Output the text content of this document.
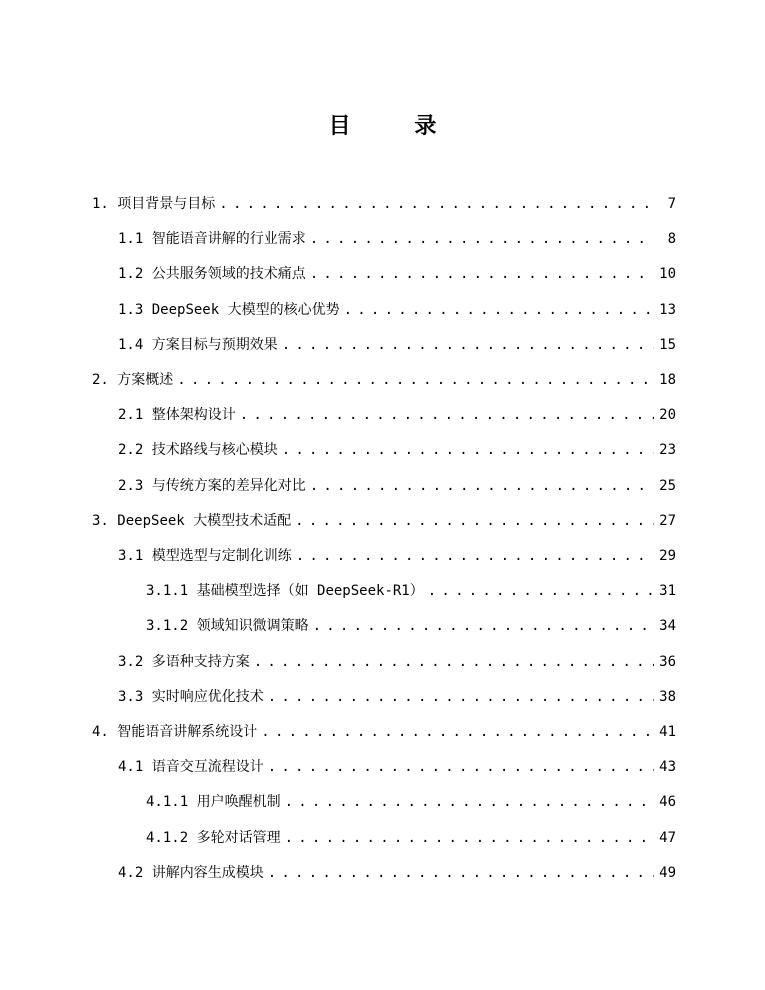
目 录
1. 项目背景与目标 . . .	7
1.1 智能语音讲解的行业需求 . . .	8
1.2 公共服务领域的技术痛点 . . .	10
1.3 DeepSeek 大模型的核心优势 . . .	13
1.4 方案目标与预期效果 . . .	15
2. 方案概述 . . .	18
2.1 整体架构设计 . . .	20
2.2 技术路线与核心模块 . . .	23
2.3 与传统方案的差异化对比 . . .	25
3. DeepSeek 大模型技术适配 . . .	27
3.1 模型选型与定制化训练 . . .	29
3.1.1 基础模型选择（如 DeepSeek-R1） . . .	31
3.1.2 领域知识微调策略 . . .	34
3.2 多语种支持方案 . . .	36
3.3 实时响应优化技术 . . .	38
4. 智能语音讲解系统设计 . . .	41
4.1 语音交互流程设计 . . .	43
4.1.1 用户唤醒机制 . . .	46
4.1.2 多轮对话管理 . . .	47
4.2 讲解内容生成模块 . . .	49
